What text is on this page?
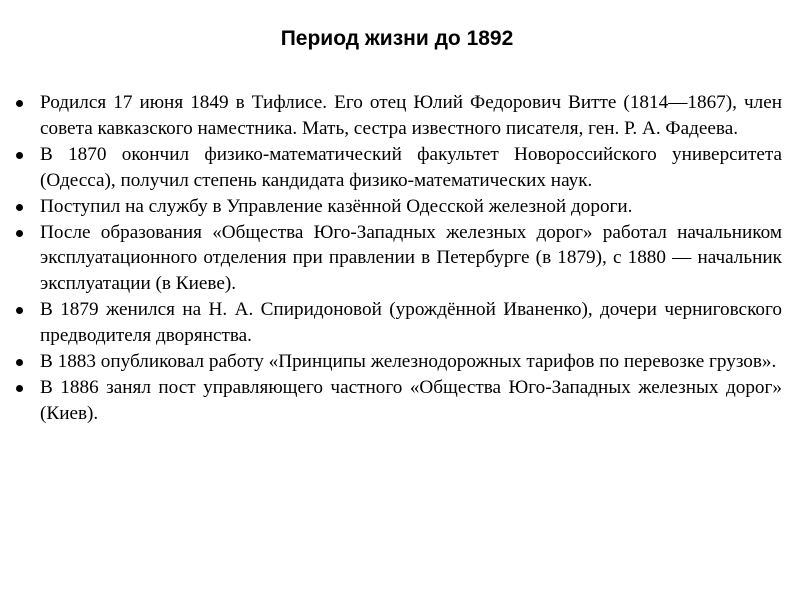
Период жизни до 1892
Родился 17 июня 1849 в Тифлисе. Его отец Юлий Федорович Витте (1814—1867), член совета кавказского наместника. Мать, сестра известного писателя, ген. Р. А. Фадеева.
В 1870 окончил физико-математический факультет Новороссийского университета (Одесса), получил степень кандидата физико-математических наук.
Поступил на службу в Управление казённой Одесской железной дороги.
После образования «Общества Юго-Западных железных дорог» работал начальником эксплуатационного отделения при правлении в Петербурге (в 1879), с 1880 — начальник эксплуатации (в Киеве).
В 1879 женился на Н. А. Спиридоновой (урождённой Иваненко), дочери черниговского предводителя дворянства.
В 1883 опубликовал работу «Принципы железнодорожных тарифов по перевозке грузов».
В 1886 занял пост управляющего частного «Общества Юго-Западных железных дорог» (Киев).
